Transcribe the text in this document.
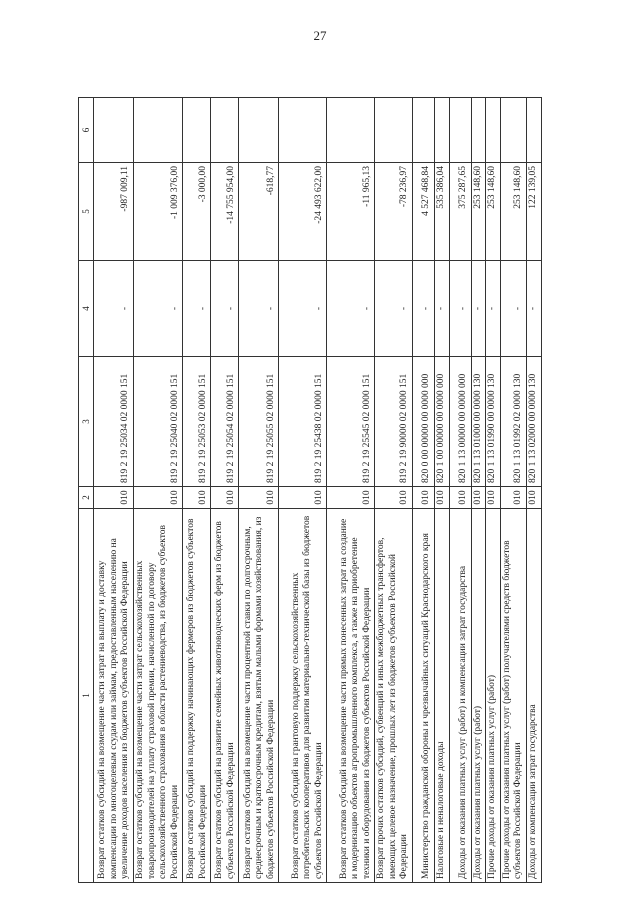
27
1	2	3	4	5	6
Возврат остатков субсидий на возмещение части затрат на выплату и доставку компенсации по многоцелевым ссудам или займам, предоставленным населению на увеличение доходов населения из бюджетов субъектов Российской Федерации	010	819 2 19 25034 02 0000 151	-	-987 009,11	
Возврат остатков субсидий на возмещение части затрат сельскохозяйственных товаропроизводителей на уплату страховой премии, начисленной по договору сельскохозяйственного страхования в области растениеводства, из бюджетов субъектов Российской Федерации	010	819 2 19 25040 02 0000 151	-	-1 009 376,00	
Возврат остатков субсидий на поддержку начинающих фермеров из бюджетов субъектов Российской Федерации	010	819 2 19 25053 02 0000 151	-	-3 000,00	
Возврат остатков субсидий на развитие семейных животноводческих ферм из бюджетов субъектов Российской Федерации	010	819 2 19 25054 02 0000 151	-	-14 755 954,00	
Возврат остатков субсидий на возмещение части процентной ставки по долгосрочным, среднесрочным и краткосрочным кредитам, взятым малыми формами хозяйствования, из бюджетов субъектов Российской Федерации	010	819 2 19 25055 02 0000 151	-	-618,77	
Возврат остатков субсидий на грантовую поддержку сельскохозяйственных потребительских кооперативов для развития материально-технической базы из бюджетов субъектов Российской Федерации	010	819 2 19 25438 02 0000 151	-	-24 493 622,00	
Возврат остатков субсидий на возмещение части прямых понесенных затрат на создание и модернизацию объектов агропромышленного комплекса, а также на приобретение техники и оборудования из бюджетов субъектов Российской Федерации	010	819 2 19 25545 02 0000 151	-	-11 965,13	
Возврат прочих остатков субсидий, субвенций и иных межбюджетных трансфертов, имеющих целевое назначение, прошлых лет из бюджетов субъектов Российской Федерации	010	819 2 19 90000 02 0000 151	-	-78 236,97	
Министерство гражданской обороны и чрезвычайных ситуаций Краснодарского края	010	820 0 00 00000 00 0000 000	-	4 527 468,84	
Налоговые и неналоговые доходы	010	820 1 00 00000 00 0000 000	-	535 386,04	
Доходы от оказания платных услуг (работ) и компенсации затрат государства	010	820 1 13 00000 00 0000 000	-	375 287,65	
Доходы от оказания платных услуг (работ)	010	820 1 13 01000 00 0000 130	-	253 148,60	
Прочие доходы от оказания платных услуг (работ)	010	820 1 13 01990 00 0000 130	-	253 148,60	
Прочие доходы от оказания платных услуг (работ) получателями средств бюджетов субъектов Российской Федерации	010	820 1 13 01992 02 0000 130	-	253 148,60	
Доходы от компенсации затрат государства	010	820 1 13 02000 00 0000 130	-	122 139,05	
